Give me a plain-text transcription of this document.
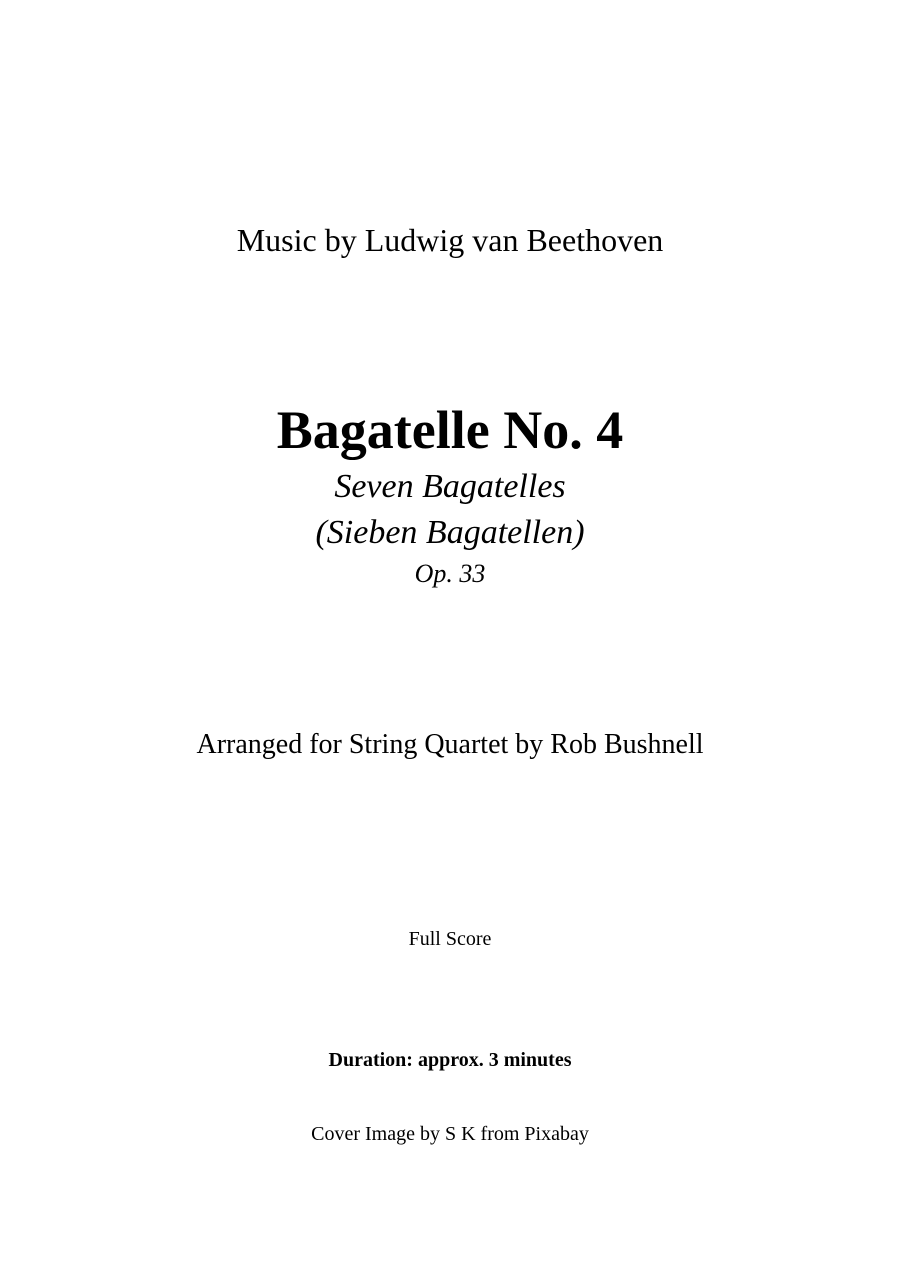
Music by Ludwig van Beethoven

Bagatelle No. 4

Seven Bagatelles

(Sieben Bagatellen)

Op. 33

Arranged for String Quartet by Rob Bushnell

Full Score

Duration: approx. 3 minutes

Cover Image by S K from Pixabay
